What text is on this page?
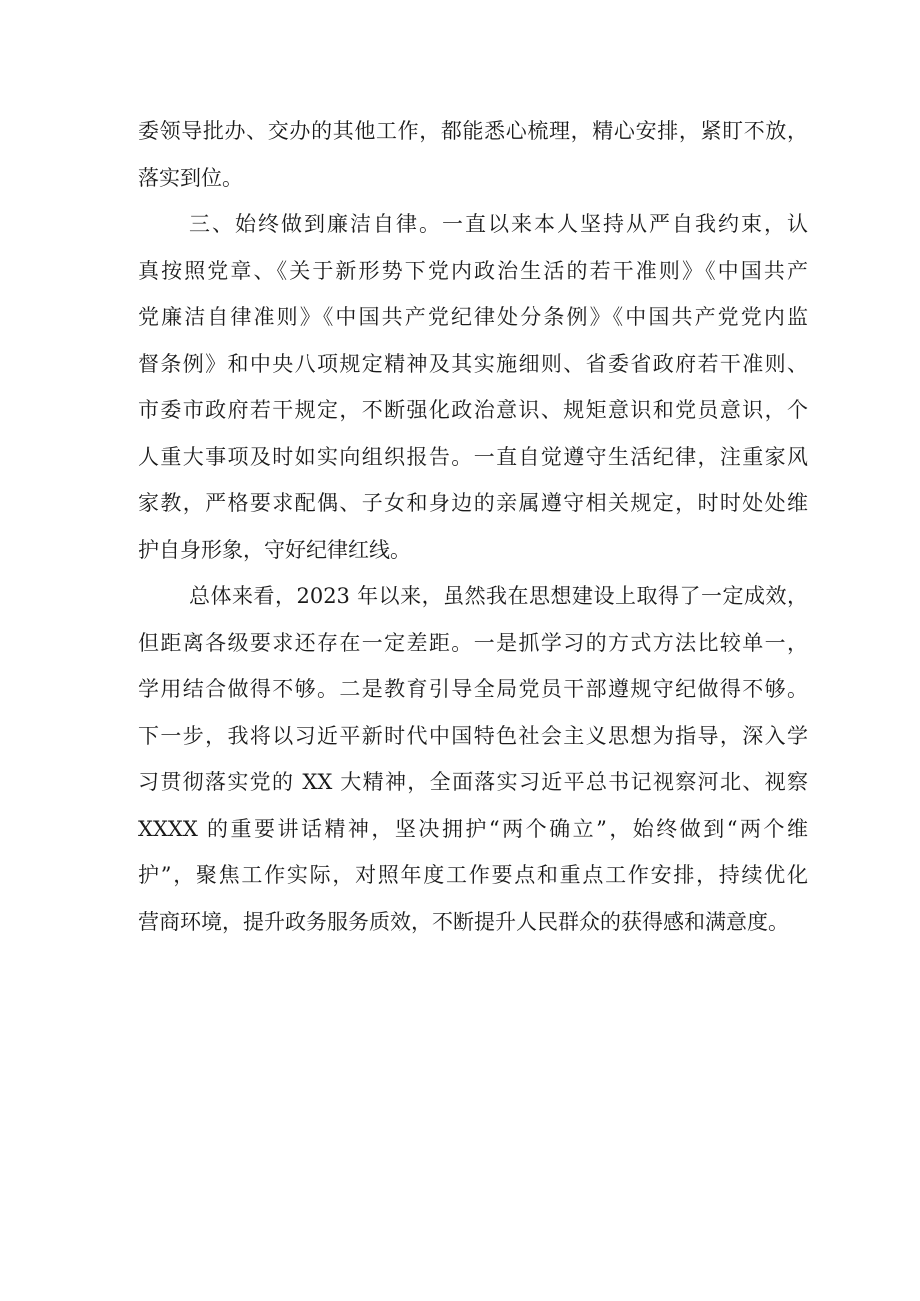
委领导批办、交办的其他工作，都能悉心梳理，精心安排，紧盯不放，
落实到位。
三、始终做到廉洁自律。一直以来本人坚持从严自我约束，认
真按照党章、《关于新形势下党内政治生活的若干准则》《中国共产
党廉洁自律准则》《中国共产党纪律处分条例》《中国共产党党内监
督条例》和中央八项规定精神及其实施细则、省委省政府若干准则、
市委市政府若干规定，不断强化政治意识、规矩意识和党员意识，个
人重大事项及时如实向组织报告。一直自觉遵守生活纪律，注重家风
家教，严格要求配偶、子女和身边的亲属遵守相关规定，时时处处维
护自身形象，守好纪律红线。
总体来看，2023 年以来，虽然我在思想建设上取得了一定成效，
但距离各级要求还存在一定差距。一是抓学习的方式方法比较单一，
学用结合做得不够。二是教育引导全局党员干部遵规守纪做得不够。
下一步，我将以习近平新时代中国特色社会主义思想为指导，深入学
习贯彻落实党的 XX 大精神，全面落实习近平总书记视察河北、视察
XXXX 的重要讲话精神，坚决拥护“两个确立”，始终做到“两个维
护”，聚焦工作实际，对照年度工作要点和重点工作安排，持续优化
营商环境，提升政务服务质效，不断提升人民群众的获得感和满意度。
